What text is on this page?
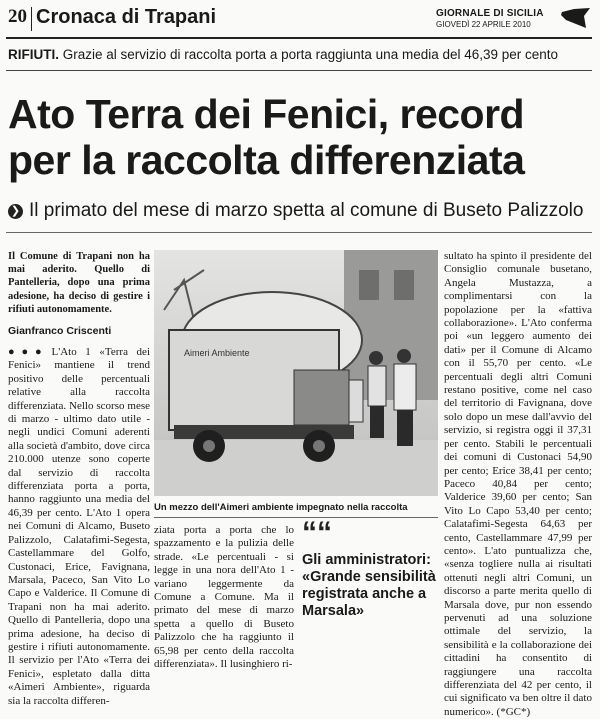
20 Cronaca di Trapani	GIORNALE DI SICILIA
GIOVEDÌ 22 APRILE 2010
RIFIUTI. Grazie al servizio di raccolta porta a porta raggiunta una media del 46,39 per cento
Ato Terra dei Fenici, record
per la raccolta differenziata
❯ Il primato del mese di marzo spetta al comune di Buseto Palizzolo
Il Comune di Trapani non ha mai aderito. Quello di Pantelleria, dopo una prima adesione, ha deciso di gestire i rifiuti autonomamente.
Gianfranco Criscenti
●●● L'Ato 1 «Terra dei Fenici» mantiene il trend positivo delle percentuali relative alla raccolta differenziata. Nello scorso mese di marzo - ultimo dato utile - negli undici Comuni aderenti alla società d'ambito, dove circa 210.000 utenze sono coperte dal servizio di raccolta differenziata porta a porta, hanno raggiunto una media del 46,39 per cento. L'Ato 1 opera nei Comuni di Alcamo, Buseto Palizzolo, Calatafimi-Segesta, Castellammare del Golfo, Custonaci, Erice, Favignana, Marsala, Paceco, San Vito Lo Capo e Valderice. Il Comune di Trapani non ha mai aderito. Quello di Pantelleria, dopo una prima adesione, ha deciso di gestire i rifiuti autonomamente. Il servizio per l'Ato «Terra dei Fenici», espletato dalla ditta «Aimeri Ambiente», riguarda sia la raccolta differen-
Aimeri Ambiente
Un mezzo dell'Aimeri ambiente impegnato nella raccolta
ziata porta a porta che lo spazzamento e la pulizia delle strade. «Le percentuali - si legge in una nora dell'Ato 1 - variano leggermente da Comune a Comune. Ma il primato del mese di marzo spetta a quello di Buseto Palizzolo che ha raggiunto il 65,98 per cento della raccolta differenziata». Il lusinghiero ri-
““
Gli amministratori: «Grande sensibilità registrata anche a Marsala»
sultato ha spinto il presidente del Consiglio comunale busetano, Angela Mustazza, a complimentarsi con la popolazione per la «fattiva collaborazione». L'Ato conferma poi «un leggero aumento dei dati» per il Comune di Alcamo con il 55,70 per cento. «Le percentuali degli altri Comuni restano positive, come nel caso del territorio di Favignana, dove solo dopo un mese dall'avvio del servizio, si registra oggi il 37,31 per cento. Stabili le percentuali dei comuni di Custonaci 54,90 per cento; Erice 38,41 per cento; Paceco 40,84 per cento; Valderice 39,60 per cento; San Vito Lo Capo 53,40 per cento; Calatafimi-Segesta 64,63 per cento, Castellammare 47,99 per cento». L'ato puntualizza che, «senza togliere nulla ai risultati ottenuti negli altri Comuni, un discorso a parte merita quello di Marsala dove, pur non essendo pervenuti ad una soluzione ottimale del servizio, la sensibilità e la collaborazione dei cittadini ha consentito di raggiungere una raccolta differenziata del 42 per cento, il cui significato va ben oltre il dato numerico». (*GC*)
